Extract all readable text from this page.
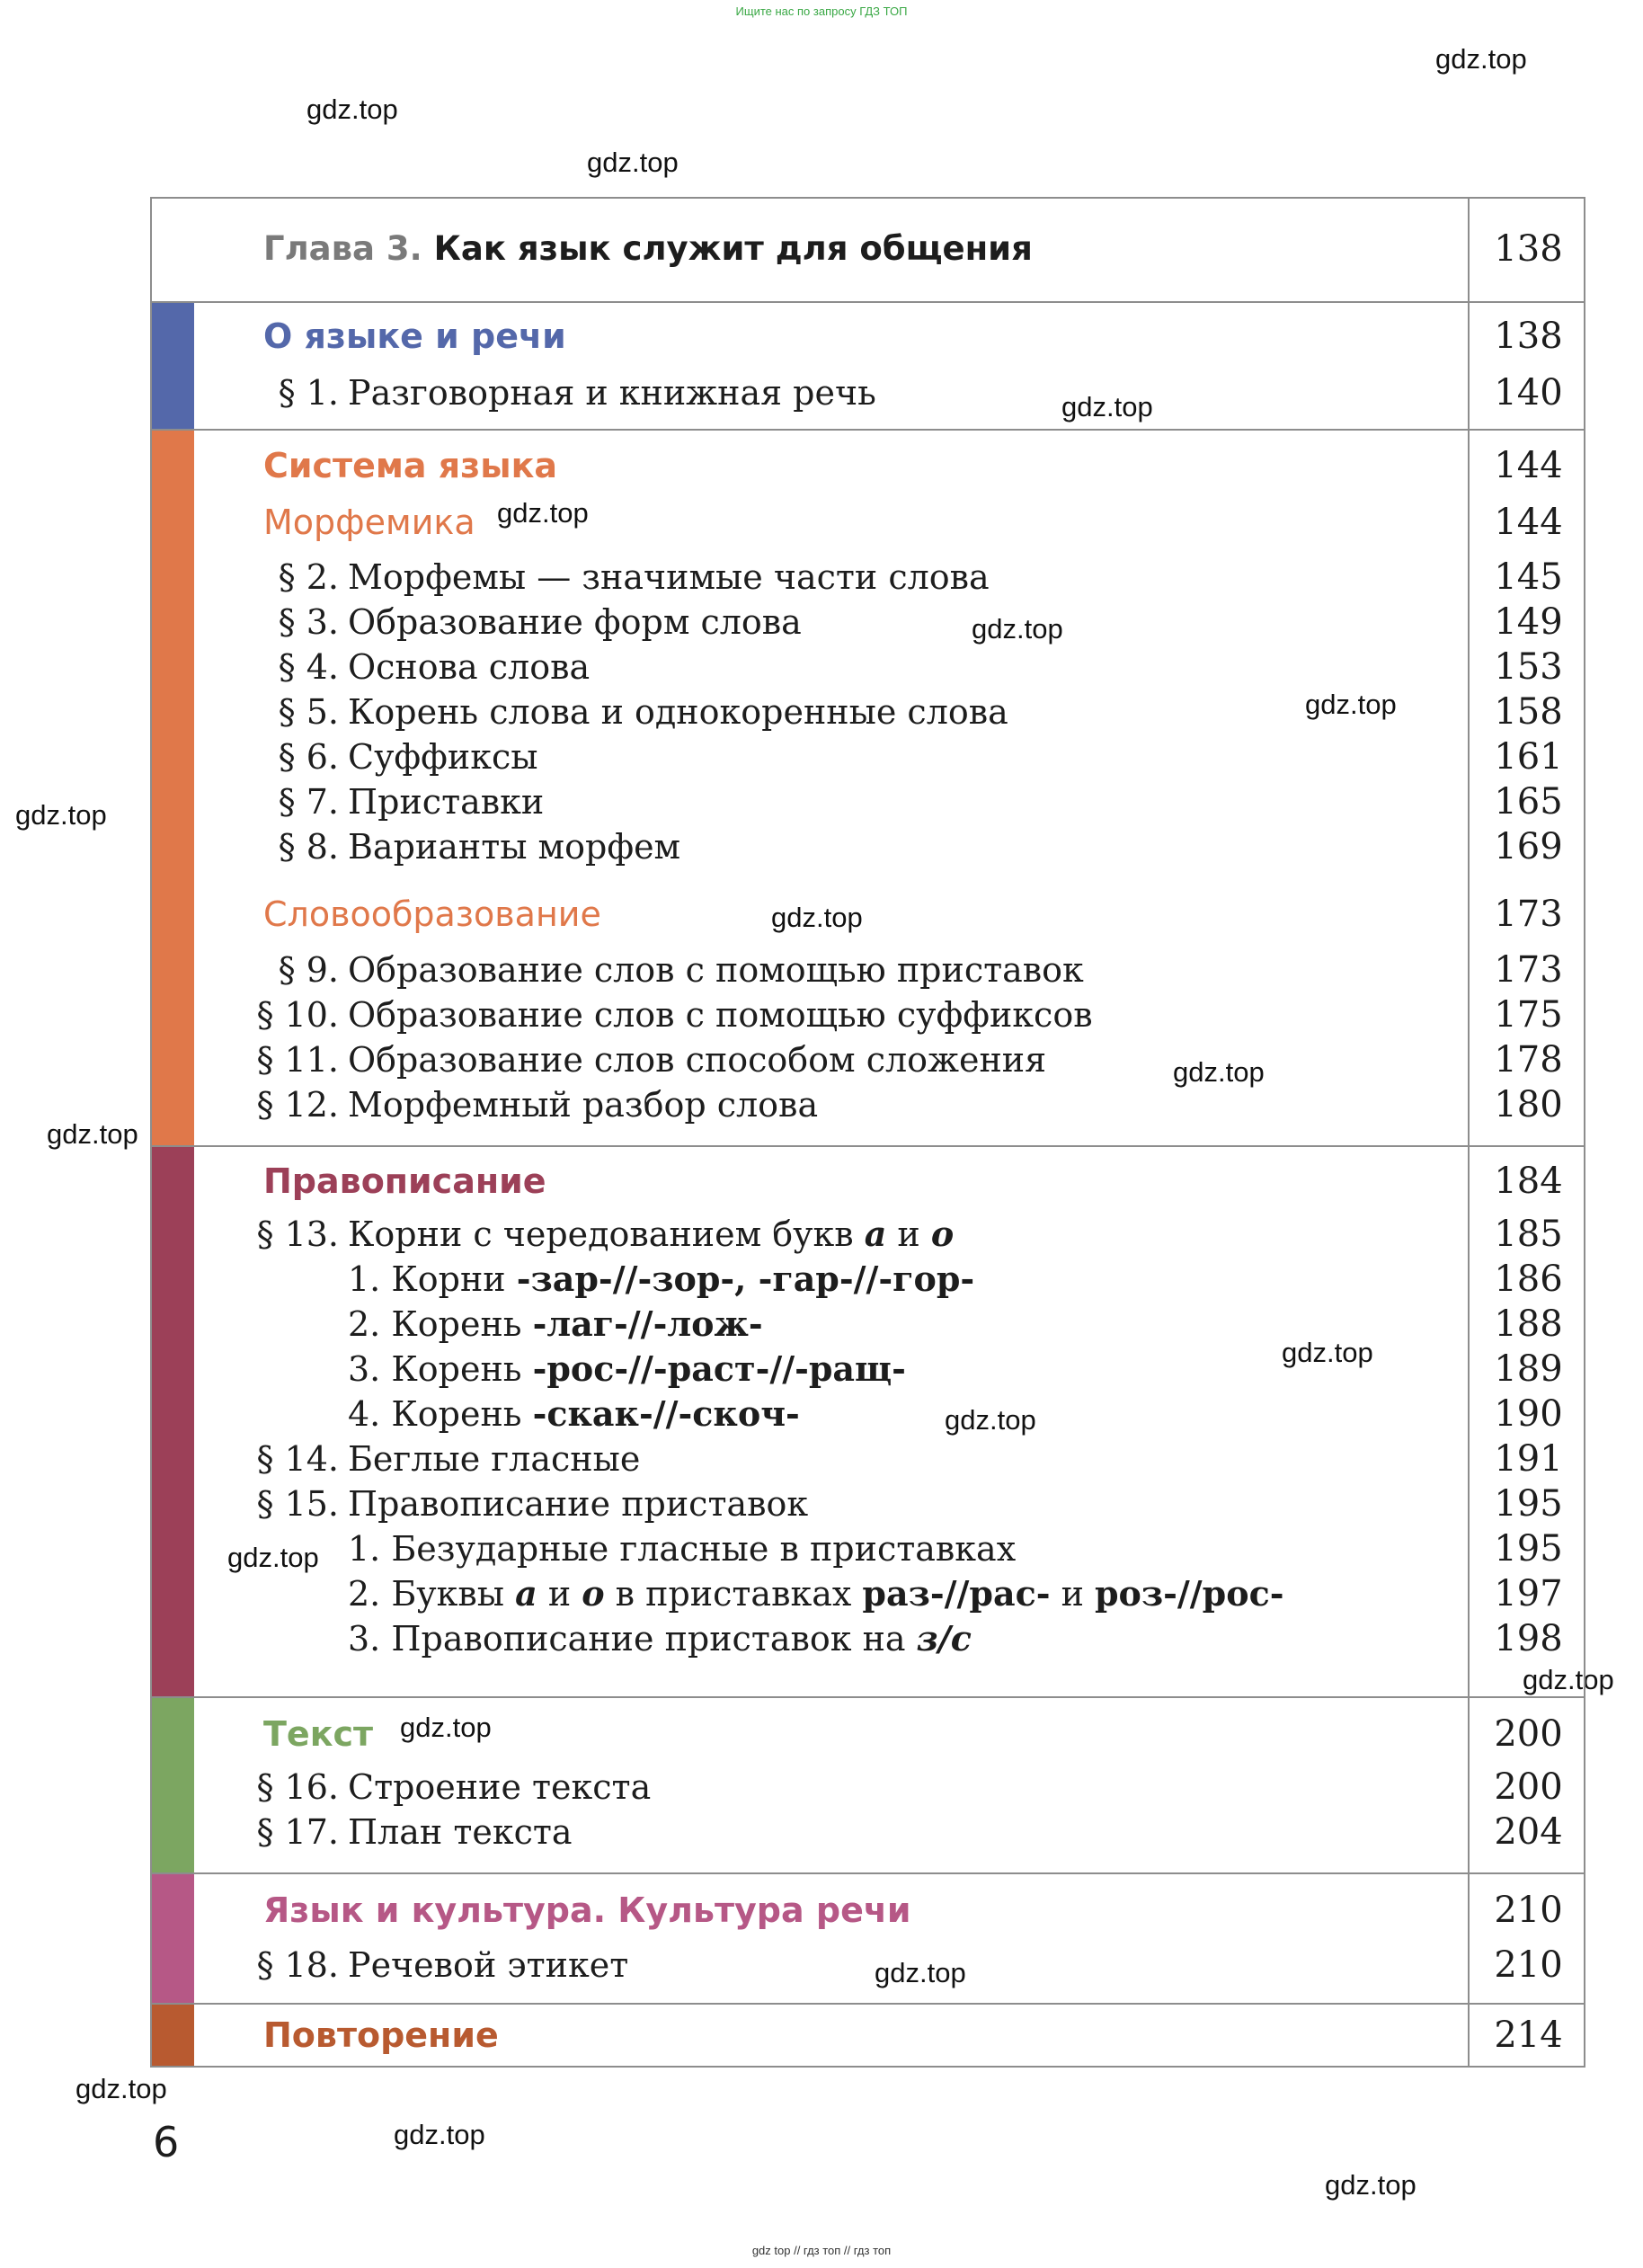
Ищите нас по запросу ГДЗ ТОП
gdz.top
gdz.top
gdz.top
gdz.top
gdz.top
gdz.top
gdz.top
gdz.top
gdz.top
gdz.top
gdz.top
gdz.top
gdz.top
gdz.top
gdz.top
gdz.top
gdz.top
gdz.top
gdz.top
gdz.top
Глава 3. Как язык служит для общения	138
О языке и речи	138
§ 1. Разговорная и книжная речь	140
Система языка	144
Морфемика	144
§ 2. Морфемы — значимые части слова	145
§ 3. Образование форм слова	149
§ 4. Основа слова	153
§ 5. Корень слова и однокоренные слова	158
§ 6. Суффиксы	161
§ 7. Приставки	165
§ 8. Варианты морфем	169
Словообразование	173
§ 9. Образование слов с помощью приставок	173
§ 10. Образование слов с помощью суффиксов	175
§ 11. Образование слов способом сложения	178
§ 12. Морфемный разбор слова	180
Правописание	184
§ 13. Корни с чередованием букв а и о	185
1. Корни -зар-//-зор-, -гар-//-гор-	186
2. Корень -лаг-//-лож-	188
3. Корень -рос-//-раст-//-ращ-	189
4. Корень -скак-//-скоч-	190
§ 14. Беглые гласные	191
§ 15. Правописание приставок	195
1. Безударные гласные в приставках	195
2. Буквы а и о в приставках раз-//рас- и роз-//рос-	197
3. Правописание приставок на з/с	198
Текст	200
§ 16. Строение текста	200
§ 17. План текста	204
Язык и культура. Культура речи	210
§ 18. Речевой этикет	210
Повторение	214
6
gdz top // гдз топ // гдз топ
